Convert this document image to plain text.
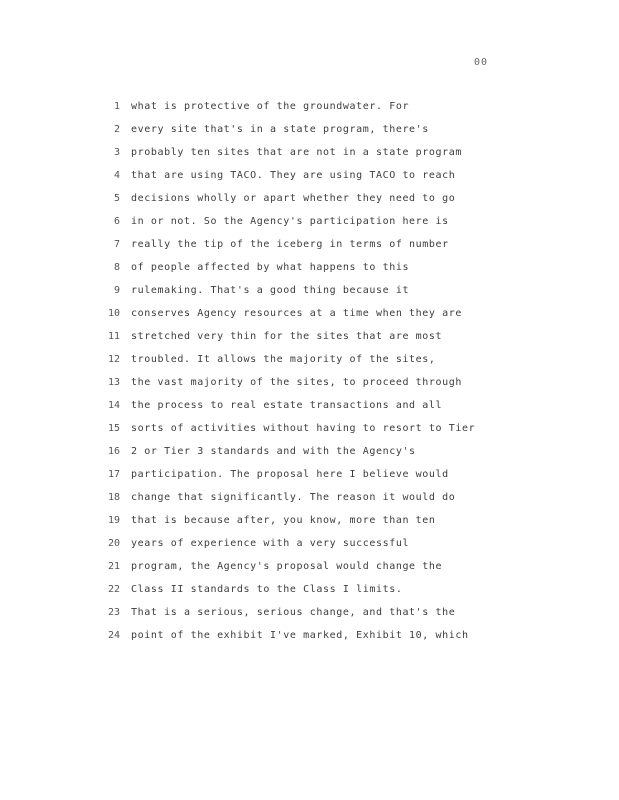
00
1 what is protective of the groundwater. For
2 every site that's in a state program, there's
3 probably ten sites that are not in a state program
4 that are using TACO. They are using TACO to reach
5 decisions wholly or apart whether they need to go
6 in or not. So the Agency's participation here is
7 really the tip of the iceberg in terms of number
8 of people affected by what happens to this
9 rulemaking. That's a good thing because it
10 conserves Agency resources at a time when they are
11 stretched very thin for the sites that are most
12 troubled. It allows the majority of the sites,
13 the vast majority of the sites, to proceed through
14 the process to real estate transactions and all
15 sorts of activities without having to resort to Tier
16 2 or Tier 3 standards and with the Agency's
17 participation. The proposal here I believe would
18 change that significantly. The reason it would do
19 that is because after, you know, more than ten
20 years of experience with a very successful
21 program, the Agency's proposal would change the
22 Class II standards to the Class I limits.
23 That is a serious, serious change, and that's the
24 point of the exhibit I've marked, Exhibit 10, which
